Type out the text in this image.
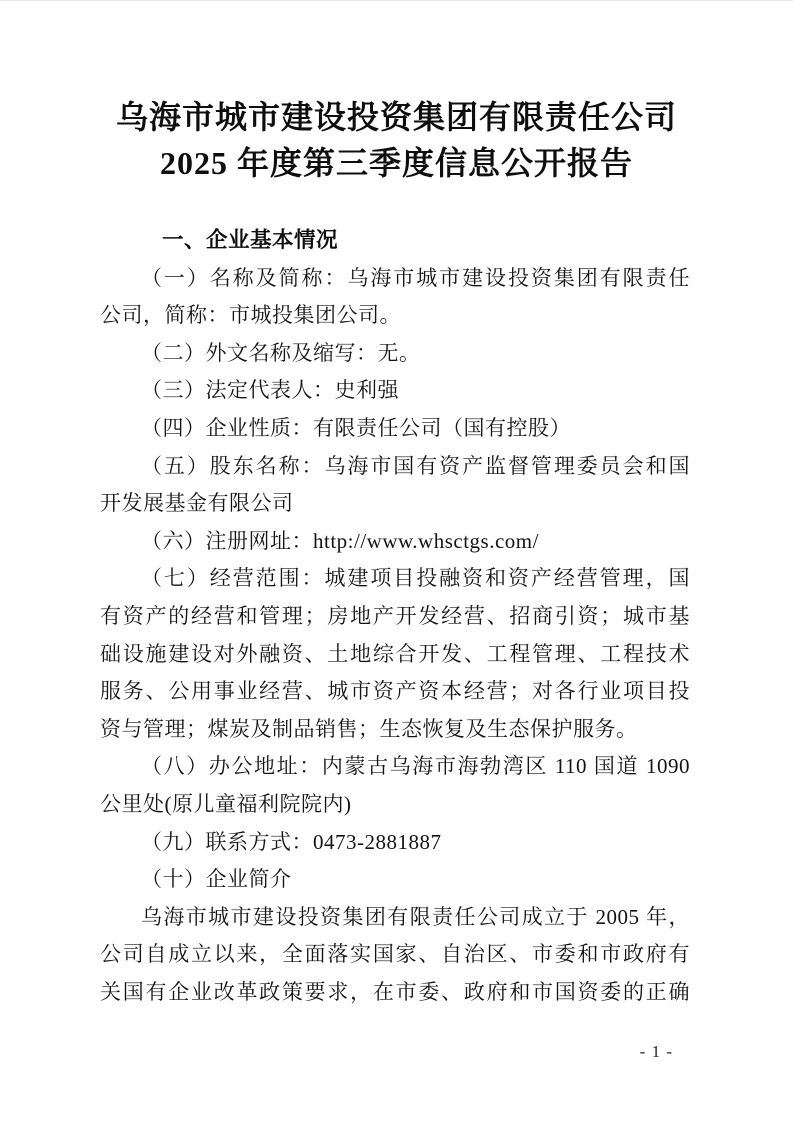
乌海市城市建设投资集团有限责任公司
2025 年度第三季度信息公开报告
一、企业基本情况
（一）名称及简称：乌海市城市建设投资集团有限责任
公司，简称：市城投集团公司。
（二）外文名称及缩写：无。
（三）法定代表人：史利强
（四）企业性质：有限责任公司（国有控股）
（五）股东名称：乌海市国有资产监督管理委员会和国
开发展基金有限公司
（六）注册网址：http://www.whsctgs.com/
（七）经营范围：城建项目投融资和资产经营管理，国
有资产的经营和管理；房地产开发经营、招商引资；城市基
础设施建设对外融资、土地综合开发、工程管理、工程技术
服务、公用事业经营、城市资产资本经营；对各行业项目投
资与管理；煤炭及制品销售；生态恢复及生态保护服务。
（八）办公地址：内蒙古乌海市海勃湾区 110 国道 1090
公里处(原儿童福利院院内)
（九）联系方式：0473-2881887
（十）企业简介
乌海市城市建设投资集团有限责任公司成立于 2005 年，
公司自成立以来，全面落实国家、自治区、市委和市政府有
关国有企业改革政策要求，在市委、政府和市国资委的正确
- 1 -
